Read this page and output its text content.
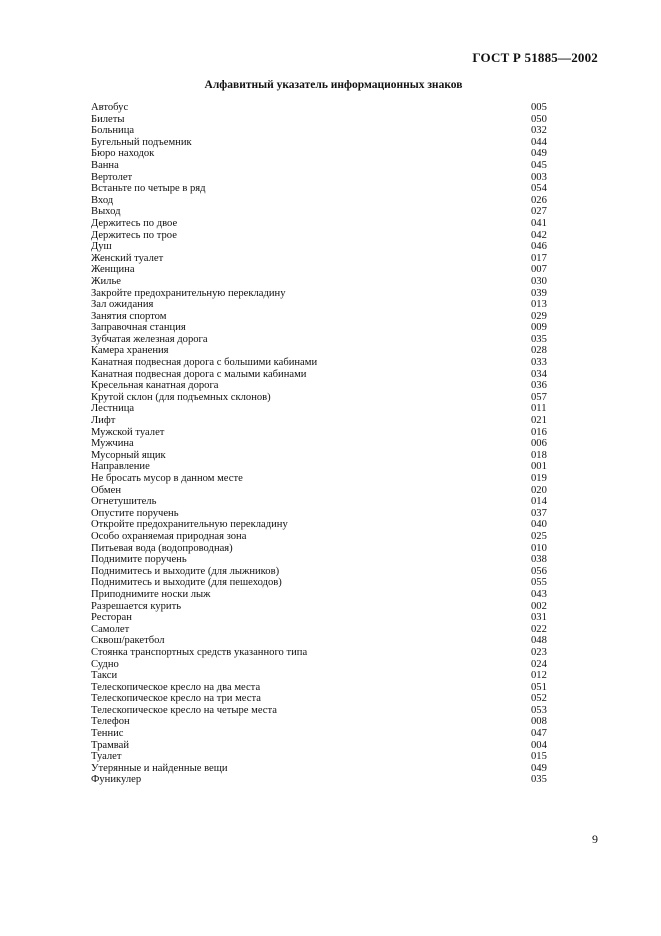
ГОСТ Р 51885—2002
Алфавитный указатель информационных знаков
Автобус	005
Билеты	050
Больница	032
Бугельный подъемник	044
Бюро находок	049
Ванна	045
Вертолет	003
Встаньте по четыре в ряд	054
Вход	026
Выход	027
Держитесь по двое	041
Держитесь по трое	042
Душ	046
Женский туалет	017
Женщина	007
Жилье	030
Закройте предохранительную перекладину	039
Зал ожидания	013
Занятия спортом	029
Заправочная станция	009
Зубчатая железная дорога	035
Камера хранения	028
Канатная подвесная дорога с большими кабинами	033
Канатная подвесная дорога с малыми кабинами	034
Кресельная канатная дорога	036
Крутой склон (для подъемных склонов)	057
Лестница	011
Лифт	021
Мужской туалет	016
Мужчина	006
Мусорный ящик	018
Направление	001
Не бросать мусор в данном месте	019
Обмен	020
Огнетушитель	014
Опустите поручень	037
Откройте предохранительную перекладину	040
Особо охраняемая природная зона	025
Питьевая вода (водопроводная)	010
Поднимите поручень	038
Поднимитесь и выходите (для лыжников)	056
Поднимитесь и выходите (для пешеходов)	055
Приподнимите носки лыж	043
Разрешается курить	002
Ресторан	031
Самолет	022
Сквош/ракетбол	048
Стоянка транспортных средств указанного типа	023
Судно	024
Такси	012
Телескопическое кресло на два места	051
Телескопическое кресло на три места	052
Телескопическое кресло на четыре места	053
Телефон	008
Теннис	047
Трамвай	004
Туалет	015
Утерянные и найденные вещи	049
Фуникулер	035
9
